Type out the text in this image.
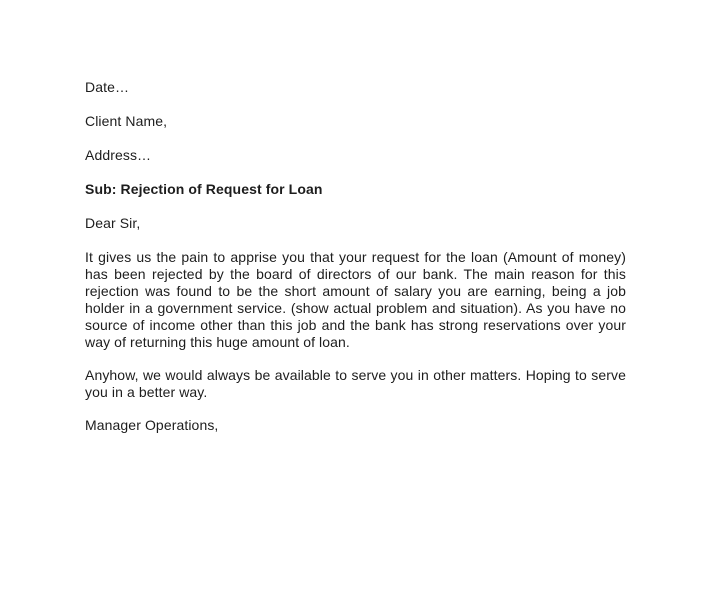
Date…

Client Name,

Address…

Sub: Rejection of Request for Loan

Dear Sir,

It gives us the pain to apprise you that your request for the loan (Amount of money) has been rejected by the board of directors of our bank. The main reason for this rejection was found to be the short amount of salary you are earning, being a job holder in a government service. (show actual problem and situation). As you have no source of income other than this job and the bank has strong reservations over your way of returning this huge amount of loan.

Anyhow, we would always be available to serve you in other matters. Hoping to serve you in a better way.

Manager Operations,
